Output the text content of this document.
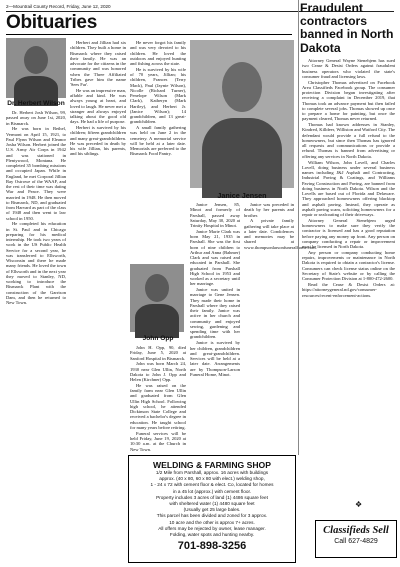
2—Mountrail County Record, Friday, June 12, 2020
Obituaries
Dr. Herbert Wilson

Dr. Herbert Josh Wilson, 99, passed away on June 1st, 2020, in Bismarck.

He was born in Bethel, Vermont on April 15, 1921, to Paul Flynn Wilson and Eleanor Josha Wilson. Herbert joined the U.S. Army Air Corps in 1942 and was stationed in Plentywood, Montana. He completed 35 bombing missions and occupied Japan. While in England, he met Corporal Jillian Ray Ostrowe of the WAAF, and the rest of their time was dating War and Peace. They were married in 1948. He then moved to Bismarck, ND, and graduated from Harvard as part of the class of 1948 and then went to law school in 1950.

He completed his education in St. Paul and in Chicago preparing for his medical internship. He took two years of work in the US Public Health Service for a second year, he was transferred to Ellsworth, Wisconsin and there he made many friends. He loved the town of Ellsworth and in the next year they moved to Stanley, ND, working to introduce the Bismarck Plant with the construction of the Garrison Dam, and then he returned to New Town.

Herbert and Jillian had six children. They built a home in Bismarck where they raised their family. He was an advocate for the citizens in the community and was honored when the Three Affiliated Tribes gave him the name 'Sees Far'.

He was an impressive man, affable and kind. He was always young at heart, and loved to laugh. He never met a stranger and always enjoyed talking about the good old days. He had a life of purpose.

Herbert is survived by his children; fifteen grandchildren and many great-grandchildren. He was preceded in death by his wife Jillian, his parents, and his siblings.

He never forgot his family and was very devoted to his children. He loved the outdoors and enjoyed hunting and fishing across the state.

He is survived by his wife of 70 years, Jillian; his children, Frances (Terry Mack), Paul (Jaynie Wilson), Nicolle (Richard Turner), Penelope Wilson (Mark Clark), Katheryn (Mark Hartley), and Herbert Jr. (Janice Wilson); 14 grandchildren, and 13 great-grandchildren.

A small family gathering was held on June 2 in the cemetery. A memorial service will be held at a later date. Memorials are preferred to the Bismarck Food Pantry.

John Opp

John H. Opp, 90, died Friday, June 5, 2020 at Sanford Hospital in Bismarck.

John was born March 24, 1930 near Glen Ullin, North Dakota to John J. Opp and Helen (Kirchner) Opp.

He was raised on the family farm near Glen Ullin and graduated from Glen Ullin High School. Following high school, he attended Dickinson State College and received a bachelor's degree in education. He taught school for many years before retiring.

Funeral services will be held Friday, June 19, 2020 at 10:30 a.m. at the Church in New Town.

Janice Jensen

Janice Jensen, 85, Minot and formerly of Parshall, passed away Saturday, May 30, 2020 at Trinity Hospital in Minot.

Janice Marie Clark was born May 21, 1935 in Parshall. She was the first born of nine children to Arthur and Anna (Bahmer) Clark and was raised and educated in Parshall. She graduated from Parshall High School in 1953 and worked as a secretary until her marriage.

Janice was united in marriage to Gene Jensen. They made their home in Parshall where they raised their family. Janice was active in her church and community and enjoyed sewing, gardening and spending time with her grandchildren.

Janice is survived by her children, grandchildren and great-grandchildren. Services will be held at a later date. Arrangements are by Thompson-Larson Funeral Home, Minot.

Janice was preceded in death by her parents and brother.

A private family gathering will take place at a later date. Condolences and memories may be shared at www.thompsonlarsonfuneralhome.com.

Fraudulent contractors banned in North Dakota

Attorney General Wayne Stenehjem has sued two Cease & Desist Orders against fraudulent business operators who violated the state's consumer fraud and licensing laws.

Christopher Thomas advertised on Facebook Area Classifieds Facebook group. The consumer protection Division began investigating after receiving a complaint in December 2019, that Thomas took an advance payment but then failed to complete several jobs. Thomas showed up once to prepare a home for painting, but once the payment cleared, Thomas never returned.

Thomas had known addresses in Stanley, Kindred, Killdeer, Williston and Watford City. The defendant would provide a full refund to the homeowners, but since then Thomas has ignored all requests and communications or provide a refund. Thomas is banned from advertising or offering any services in North Dakota.

William Wilson, John Lovell, and Charles Lovell, doing business under several business names including J&J Asphalt and Contracting, Industrial Paving & Coatings, and Williams Paving Construction and Paving, are banned from doing business in North Dakota. Wilson and the Lovells are based out of Florida and Delaware. They approached homeowners offering blacktop and asphalt paving. Instead, they operate as asphalt paving scam, soliciting homeowners for a repair or sealcoating of their driveways.

Attorney General Stenehjem urged homeowners to make sure they verify the contractor is licensed and has a good reputation before paying any money up front. Any person on company conducting a repair or improvement must be licensed in North Dakota.

Any person or company conducting home repairs, improvements or maintenance in North Dakota is required to obtain a contractor's license. Consumers can check license status online on the Secretary of State's website or by calling the Consumer Protection Division at 1-800-472-2600.

Read the Cease & Desist Orders at: https://attorneygeneral.nd.gov/consumer-resources/recent-enforcement-actions.

WELDING & FARMING SHOP
1/2 Mile from Parshall, approx. 16 acres with buildings
approx. (40 x 80, 60 x 80 with elect.) welding shop,
1 - 24 x 72 with cement floor & elect. Co, located for homes
in a 45 lot (approx.) with cement floor.
Property includes 3 acres of land (1) 4486 square feet
with sheltered water (1) 4480 square feet
(Usually get 25 large bales.
This parcel has been divided and zoned for 3 approx.
10 acre and the other is approx 7+ acres.
All offers may be rejected by owner, lease manager.
Folding, water spots and hunting nearby.
701-898-3256
❖
Classifieds Sell
Call 627-4829
